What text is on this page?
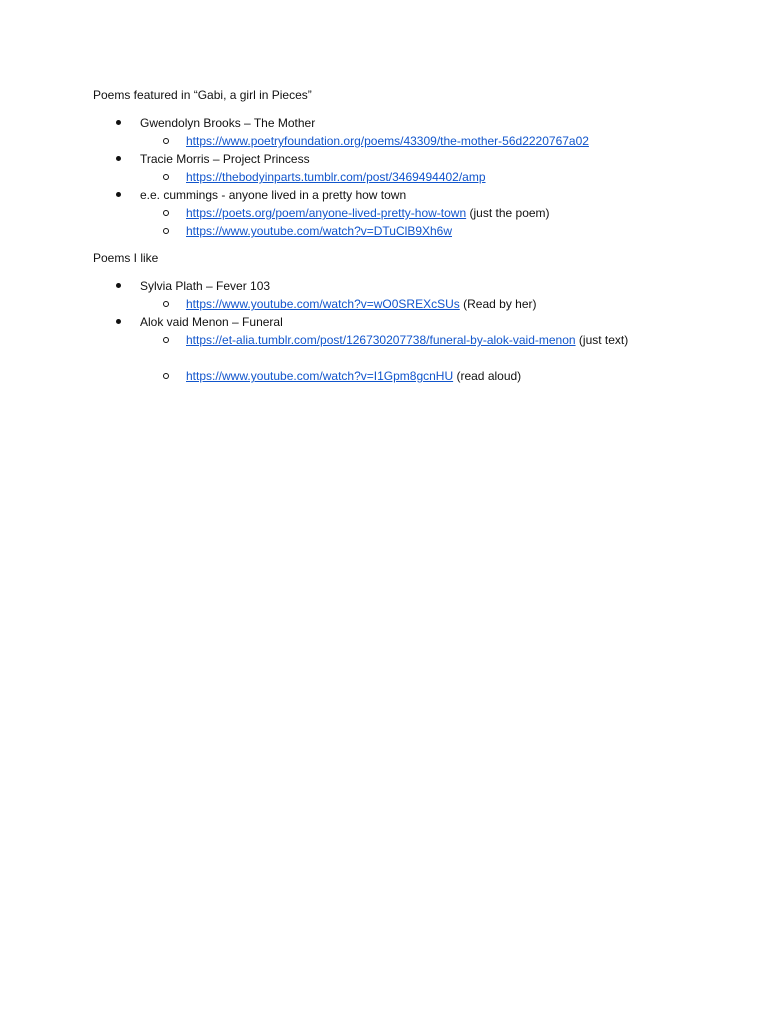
Poems featured in “Gabi, a girl in Pieces”
Gwendolyn Brooks – The Mother
https://www.poetryfoundation.org/poems/43309/the-mother-56d2220767a02
Tracie Morris – Project Princess
https://thebodyinparts.tumblr.com/post/3469494402/amp
e.e. cummings - anyone lived in a pretty how town
https://poets.org/poem/anyone-lived-pretty-how-town (just the poem)
https://www.youtube.com/watch?v=DTuClB9Xh6w
Poems I like
Sylvia Plath – Fever 103
https://www.youtube.com/watch?v=wO0SREXcSUs (Read by her)
Alok vaid Menon – Funeral
https://et-alia.tumblr.com/post/126730207738/funeral-by-alok-vaid-menon (just text)
https://www.youtube.com/watch?v=I1Gpm8gcnHU (read aloud)
